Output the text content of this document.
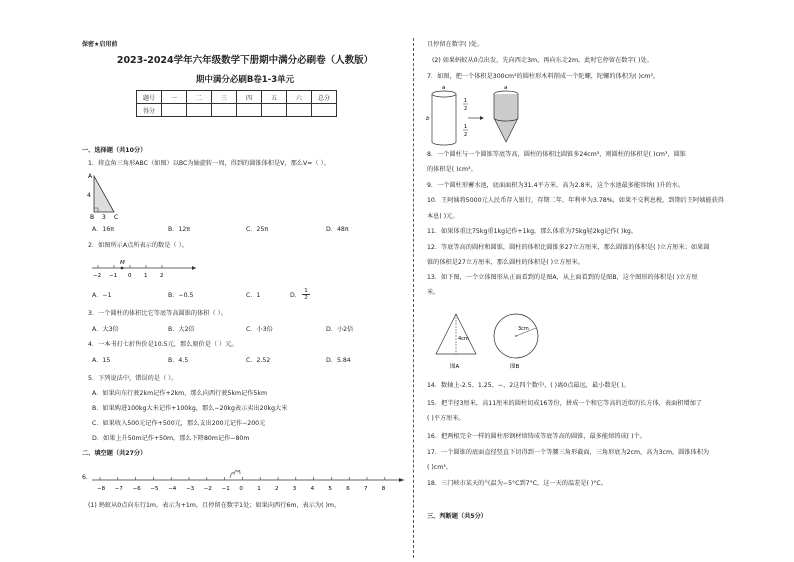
保密★启用前
2023-2024学年六年级数学下册期中满分必刷卷（人教版）
期中满分必刷B卷1-3单元
题号	一	二	三	四	五	六	总分
得分							
一、选择题（共10分）
1．将直角三角形ABC（如图）以BC为轴旋转一周，得到的圆锥体积是V，那么V=（ ）。
A
4
B 3 C
A．16π	B．12π	C．25π	D．48π
2．如图所示A点所表示的数是（ ）。
M
−2 −1 0 1 2
A．−1	B．−0.5	C．1	D． $\frac{1}{2}$
3．一个圆柱的体积比它等底等高圆锥的体积（ ）。
A．大3倍	B．大2倍	C．小3倍	D．小2倍
4．一本书打七折售价是10.5元，那么原价是（ ）元。
A．15	B．4.5	C．2.52	D．5.84
5．下列说法中，错误的是（ ）。
A．如果向东行驶2km记作+2km，那么向西行驶5km记作5km
B．如果购进100kg大米记作+100kg，那么−20kg表示卖出20kg大米
C．如果收入500元记作+500元，那么支出200元记作−200元
D．如果上升50m记作+50m，那么下降80m记作−80m
二、填空题（共27分）
6．
−8 −7 −6 −5 −4 −3 −2 −1 0	1	2	3	4	5	6	7	8
(1) 蚂蚁从0点向东行1m，表示为+1m，且停留在数字1处；如果向西行6m，表示为( )m，
且停留在数字( )处。
(2) 如果蚂蚁从0点出发，先向西走3m，再向东走2m，此时它停留在数字( )处。
7．如图，把一个体积是300cm³的圆柱形木料削成一个陀螺，陀螺的体积为( )cm³。
a
b
1
2
1
2
a
8．一个圆柱与一个圆锥等底等高，圆柱的体积比圆锥多24cm³，则圆柱的体积是( )cm³，圆锥
的体积是( )cm³。
9．一个圆柱形蓄水池，底面面积为31.4平方米，高为2.8米，这个水池最多能容纳( )升的水。
10．王阿姨将5000元人民币存入银行，存期二年，年利率为3.78%，如果不交利息税，到期后王阿姨能获得
本息( )元。
11．如果体重比75kg重1kg记作+1kg，那么体重为75kg轻2kg记作( )kg。
12．等底等高的圆柱和圆锥，圆柱的体积比圆锥多27立方厘米，那么圆锥的体积是( )立方厘米；如果圆
锥的体积是27立方厘米，那么圆柱的体积是( )立方厘米。
13．如下图，一个立体图形从正面看到的是图A，从上面看到的是图B，这个图形的体积是( )立方厘
米。
4cm
图A
3cm
图B
14．数轴上-2.5、1.25、−、2这四个数中，( )离0点最远，最小数是( )。
15．把半径3厘米，高11厘米的圆柱切成16等份，拼成一个和它等高的近似的长方体，表面积增加了
( )平方厘米。
16．把两根完全一样的圆柱形钢材熔铸成等底等高的圆锥，最多能熔铸成( )个。
17．一个圆锥的底面直径竖直下切得到一个等腰三角形截面，三角形底为2cm，高为3cm，圆锥体积为
( )cm³。
18．三门峡市某天的气温为−5°C到7°C，这一天的温差是( )°C。
三、判断题（共5分）
